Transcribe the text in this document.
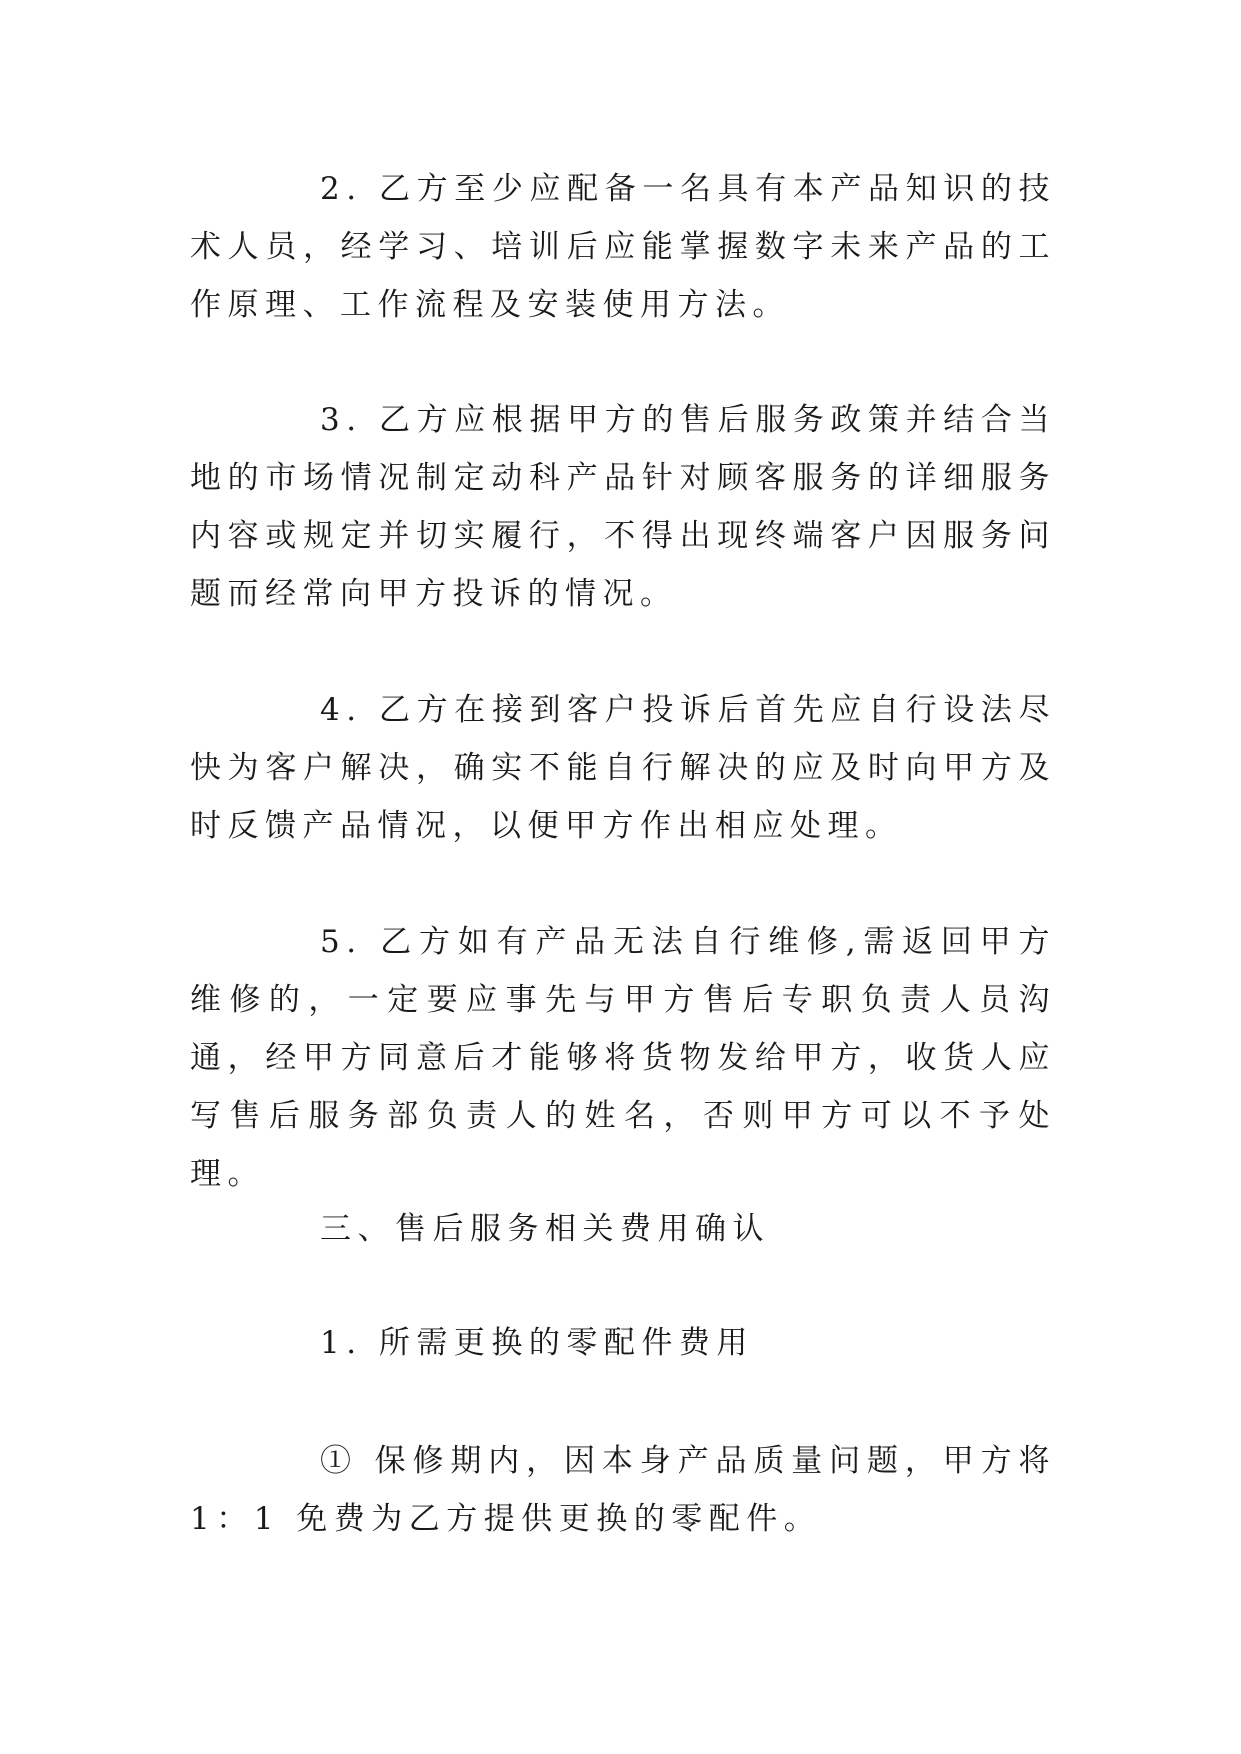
2. 乙方至少应配备一名具有本产品知识的技术人员，经学习、培训后应能掌握数字未来产品的工作原理、工作流程及安装使用方法。

3. 乙方应根据甲方的售后服务政策并结合当地的市场情况制定动科产品针对顾客服务的详细服务内容或规定并切实履行，不得出现终端客户因服务问题而经常向甲方投诉的情况。

4. 乙方在接到客户投诉后首先应自行设法尽快为客户解决，确实不能自行解决的应及时向甲方及时反馈产品情况，以便甲方作出相应处理。

5. 乙方如有产品无法自行维修,需返回甲方维修的，一定要应事先与甲方售后专职负责人员沟通，经甲方同意后才能够将货物发给甲方，收货人应写售后服务部负责人的姓名，否则甲方可以不予处理。

三、售后服务相关费用确认

1. 所需更换的零配件费用

① 保修期内，因本身产品质量问题，甲方将 1：1 免费为乙方提供更换的零配件。
